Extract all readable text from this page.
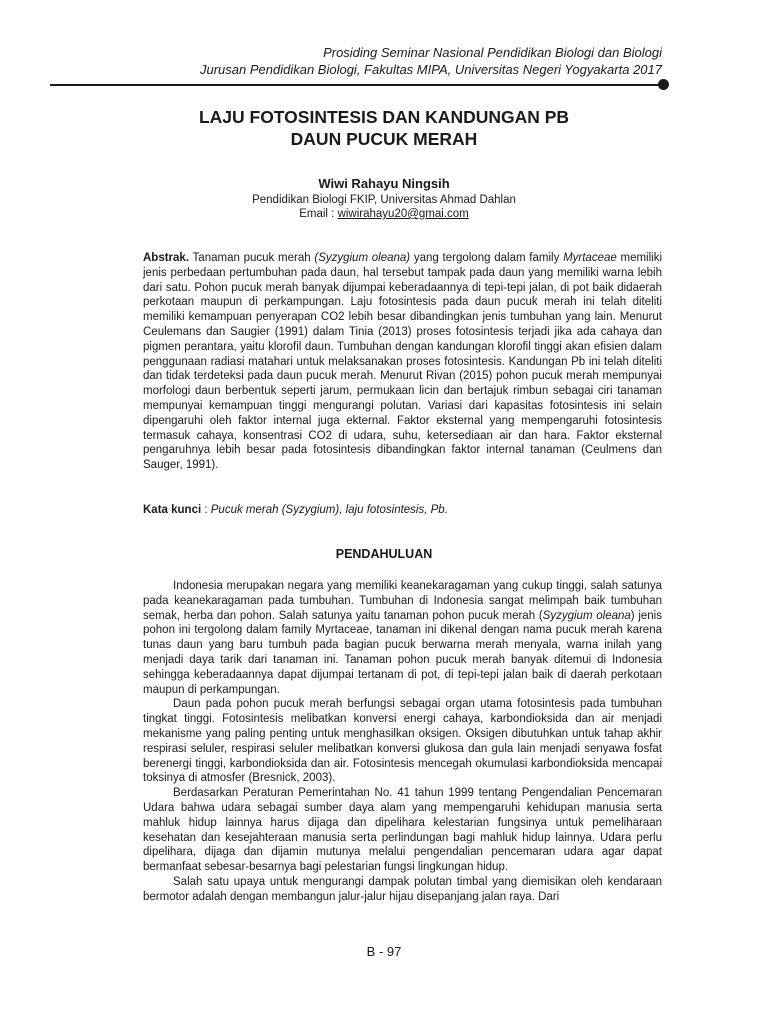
Prosiding Seminar Nasional Pendidikan Biologi dan Biologi
Jurusan Pendidikan Biologi, Fakultas MIPA, Universitas Negeri Yogyakarta 2017
LAJU FOTOSINTESIS DAN KANDUNGAN PB
DAUN PUCUK MERAH
Wiwi Rahayu Ningsih
Pendidikan Biologi FKIP, Universitas Ahmad Dahlan
Email : wiwirahayu20@gmai.com
Abstrak. Tanaman pucuk merah (Syzygium oleana) yang tergolong dalam family Myrtaceae memiliki jenis perbedaan pertumbuhan pada daun, hal tersebut tampak pada daun yang memiliki warna lebih dari satu. Pohon pucuk merah banyak dijumpai keberadaannya di tepi-tepi jalan, di pot baik didaerah perkotaan maupun di perkampungan. Laju fotosintesis pada daun pucuk merah ini telah diteliti memiliki kemampuan penyerapan CO2 lebih besar dibandingkan jenis tumbuhan yang lain. Menurut Ceulemans dan Saugier (1991) dalam Tinia (2013) proses fotosintesis terjadi jika ada cahaya dan pigmen perantara, yaitu klorofil daun. Tumbuhan dengan kandungan klorofil tinggi akan efisien dalam penggunaan radiasi matahari untuk melaksanakan proses fotosintesis. Kandungan Pb ini telah diteliti dan tidak terdeteksi pada daun pucuk merah. Menurut Rivan (2015) pohon pucuk merah mempunyai morfologi daun berbentuk seperti jarum, permukaan licin dan bertajuk rimbun sebagai ciri tanaman mempunyai kemampuan tinggi mengurangi polutan. Variasi dari kapasitas fotosintesis ini selain dipengaruhi oleh faktor internal juga ekternal. Faktor eksternal yang mempengaruhi fotosintesis termasuk cahaya, konsentrasi CO2 di udara, suhu, ketersediaan air dan hara. Faktor eksternal pengaruhnya lebih besar pada fotosintesis dibandingkan faktor internal tanaman (Ceulmens dan Sauger, 1991).
Kata kunci : Pucuk merah (Syzygium), laju fotosintesis, Pb.
PENDAHULUAN

Indonesia merupakan negara yang memiliki keanekaragaman yang cukup tinggi, salah satunya pada keanekaragaman pada tumbuhan. Tumbuhan di Indonesia sangat melimpah baik tumbuhan semak, herba dan pohon. Salah satunya yaitu tanaman pohon pucuk merah (Syzygium oleana) jenis pohon ini tergolong dalam family Myrtaceae, tanaman ini dikenal dengan nama pucuk merah karena tunas daun yang baru tumbuh pada bagian pucuk berwarna merah menyala, warna inilah yang menjadi daya tarik dari tanaman ini. Tanaman pohon pucuk merah banyak ditemui di Indonesia sehingga keberadaannya dapat dijumpai tertanam di pot, di tepi-tepi jalan baik di daerah perkotaan maupun di perkampungan.

Daun pada pohon pucuk merah berfungsi sebagai organ utama fotosintesis pada tumbuhan tingkat tinggi. Fotosintesis melibatkan konversi energi cahaya, karbondioksida dan air menjadi mekanisme yang paling penting untuk menghasilkan oksigen. Oksigen dibutuhkan untuk tahap akhir respirasi seluler, respirasi seluler melibatkan konversi glukosa dan gula lain menjadi senyawa fosfat berenergi tinggi, karbondioksida dan air. Fotosintesis mencegah okumulasi karbondioksida mencapai toksinya di atmosfer (Bresnick, 2003).

Berdasarkan Peraturan Pemerintahan No. 41 tahun 1999 tentang Pengendalian Pencemaran Udara bahwa udara sebagai sumber daya alam yang mempengaruhi kehidupan manusia serta mahluk hidup lainnya harus dijaga dan dipelihara kelestarian fungsinya untuk pemeliharaan kesehatan dan kesejahteraan manusia serta perlindungan bagi mahluk hidup lainnya. Udara perlu dipelihara, dijaga dan dijamin mutunya melalui pengendalian pencemaran udara agar dapat bermanfaat sebesar-besarnya bagi pelestarian fungsi lingkungan hidup.

Salah satu upaya untuk mengurangi dampak polutan timbal yang diemisikan oleh kendaraan bermotor adalah dengan membangun jalur-jalur hijau disepanjang jalan raya. Dari

B - 97
